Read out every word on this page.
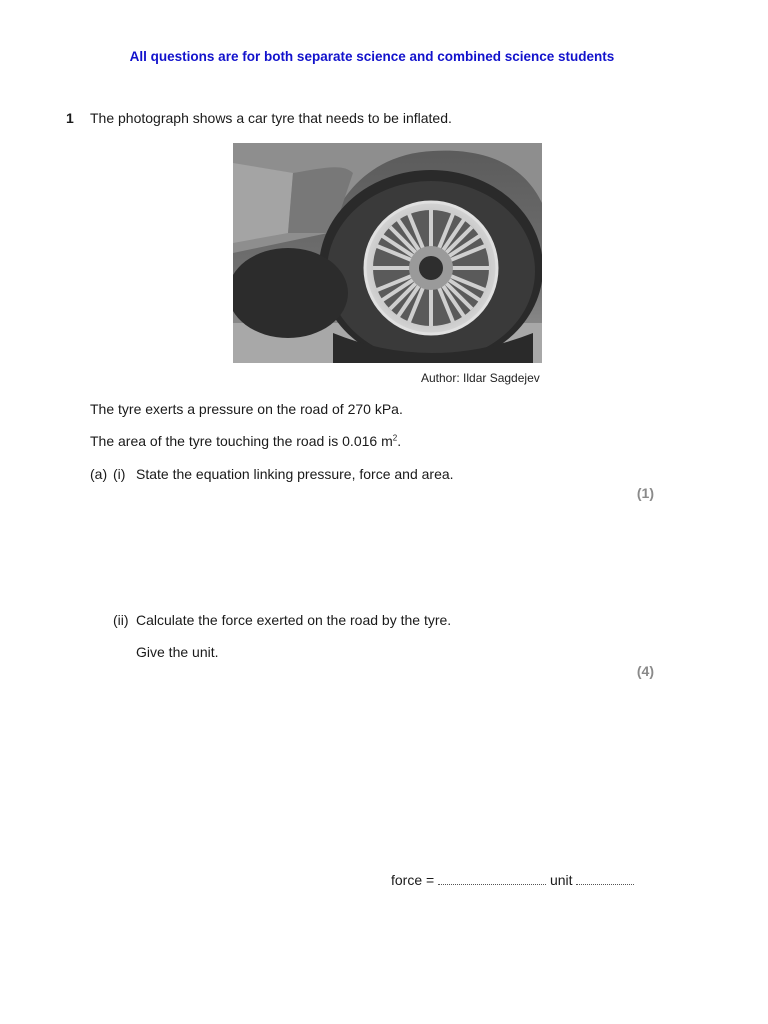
All questions are for both separate science and combined science students
1 The photograph shows a car tyre that needs to be inflated.
Author: Ildar Sagdejev
The tyre exerts a pressure on the road of 270 kPa.
The area of the tyre touching the road is 0.016 $m^2$.
(a) (i) State the equation linking pressure, force and area.
(1)
(ii) Calculate the force exerted on the road by the tyre.
Give the unit.
(4)
force =	unit
